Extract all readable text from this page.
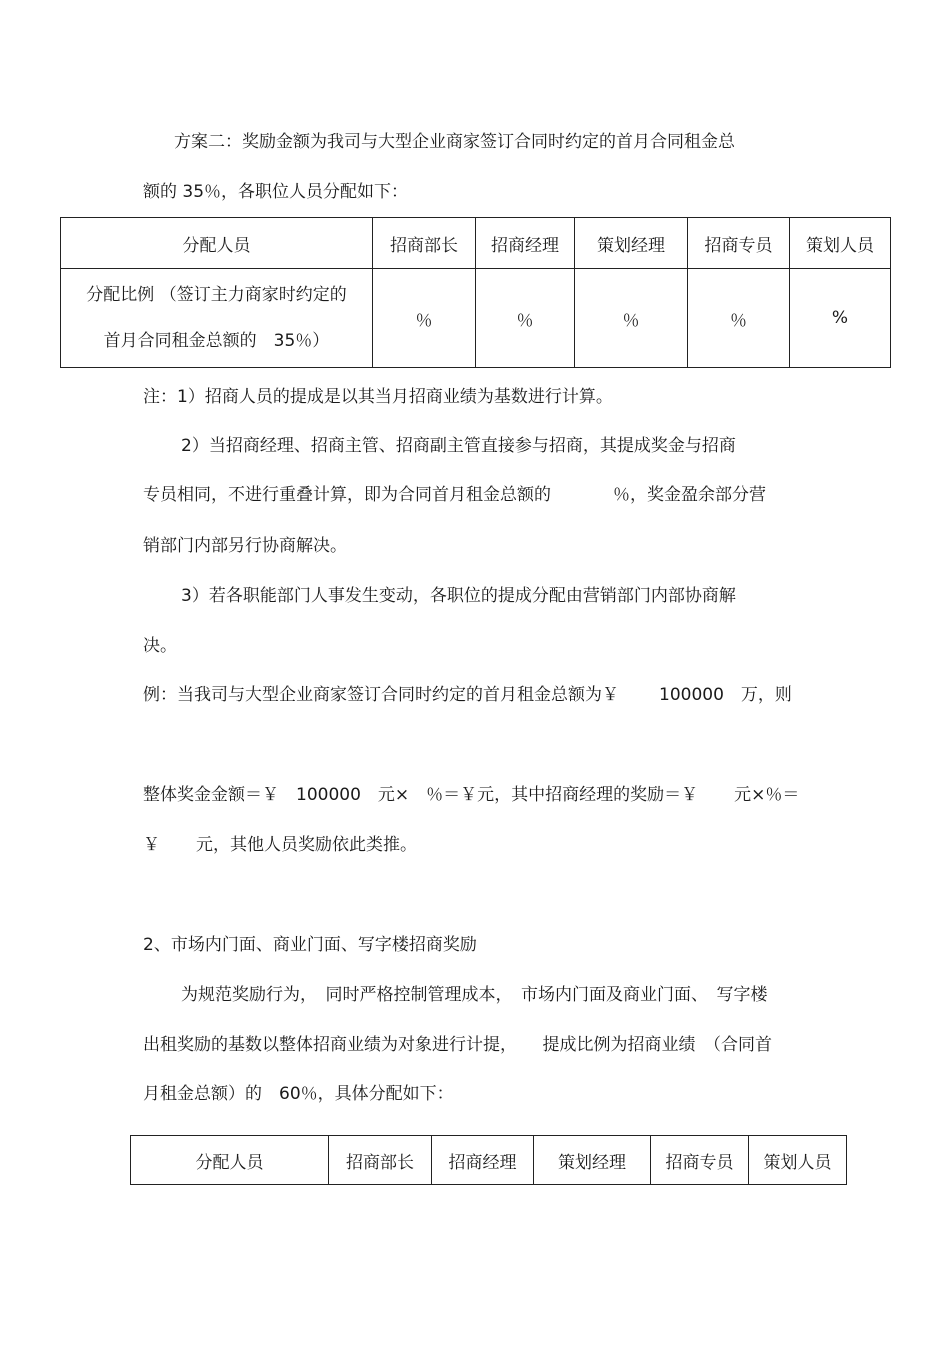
方案二：奖励金额为我司与大型企业商家签订合同时约定的首月合同租金总
额的 35％，各职位人员分配如下：
分配人员	招商部长	招商经理	策划经理	招商专员	策划人员

分配比例 （签订主力商家时约定的
首月合同租金总额的　35％）	％	％	％	％	%
注：1）招商人员的提成是以其当月招商业绩为基数进行计算。
2）当招商经理、招商主管、招商副主管直接参与招商，其提成奖金与招商
专员相同，不进行重叠计算，即为合同首月租金总额的	％，奖金盈余部分营
销部门内部另行协商解决。
3）若各职能部门人事发生变动，各职位的提成分配由营销部门内部协商解
决。
例：当我司与大型企业商家签订合同时约定的首月租金总额为￥ 100000　万，则
整体奖金金额＝￥　100000　元×　％＝￥元，其中招商经理的奖励＝￥ 元×％＝
￥ 元，其他人员奖励依此类推。
2、市场内门面、商业门面、写字楼招商奖励
为规范奖励行为，　同时严格控制管理成本，　市场内门面及商业门面、　写字楼
出租奖励的基数以整体招商业绩为对象进行计提，　　提成比例为招商业绩　（合同首
月租金总额）的　60％，具体分配如下：
分配人员	招商部长	招商经理	策划经理	招商专员	策划人员
